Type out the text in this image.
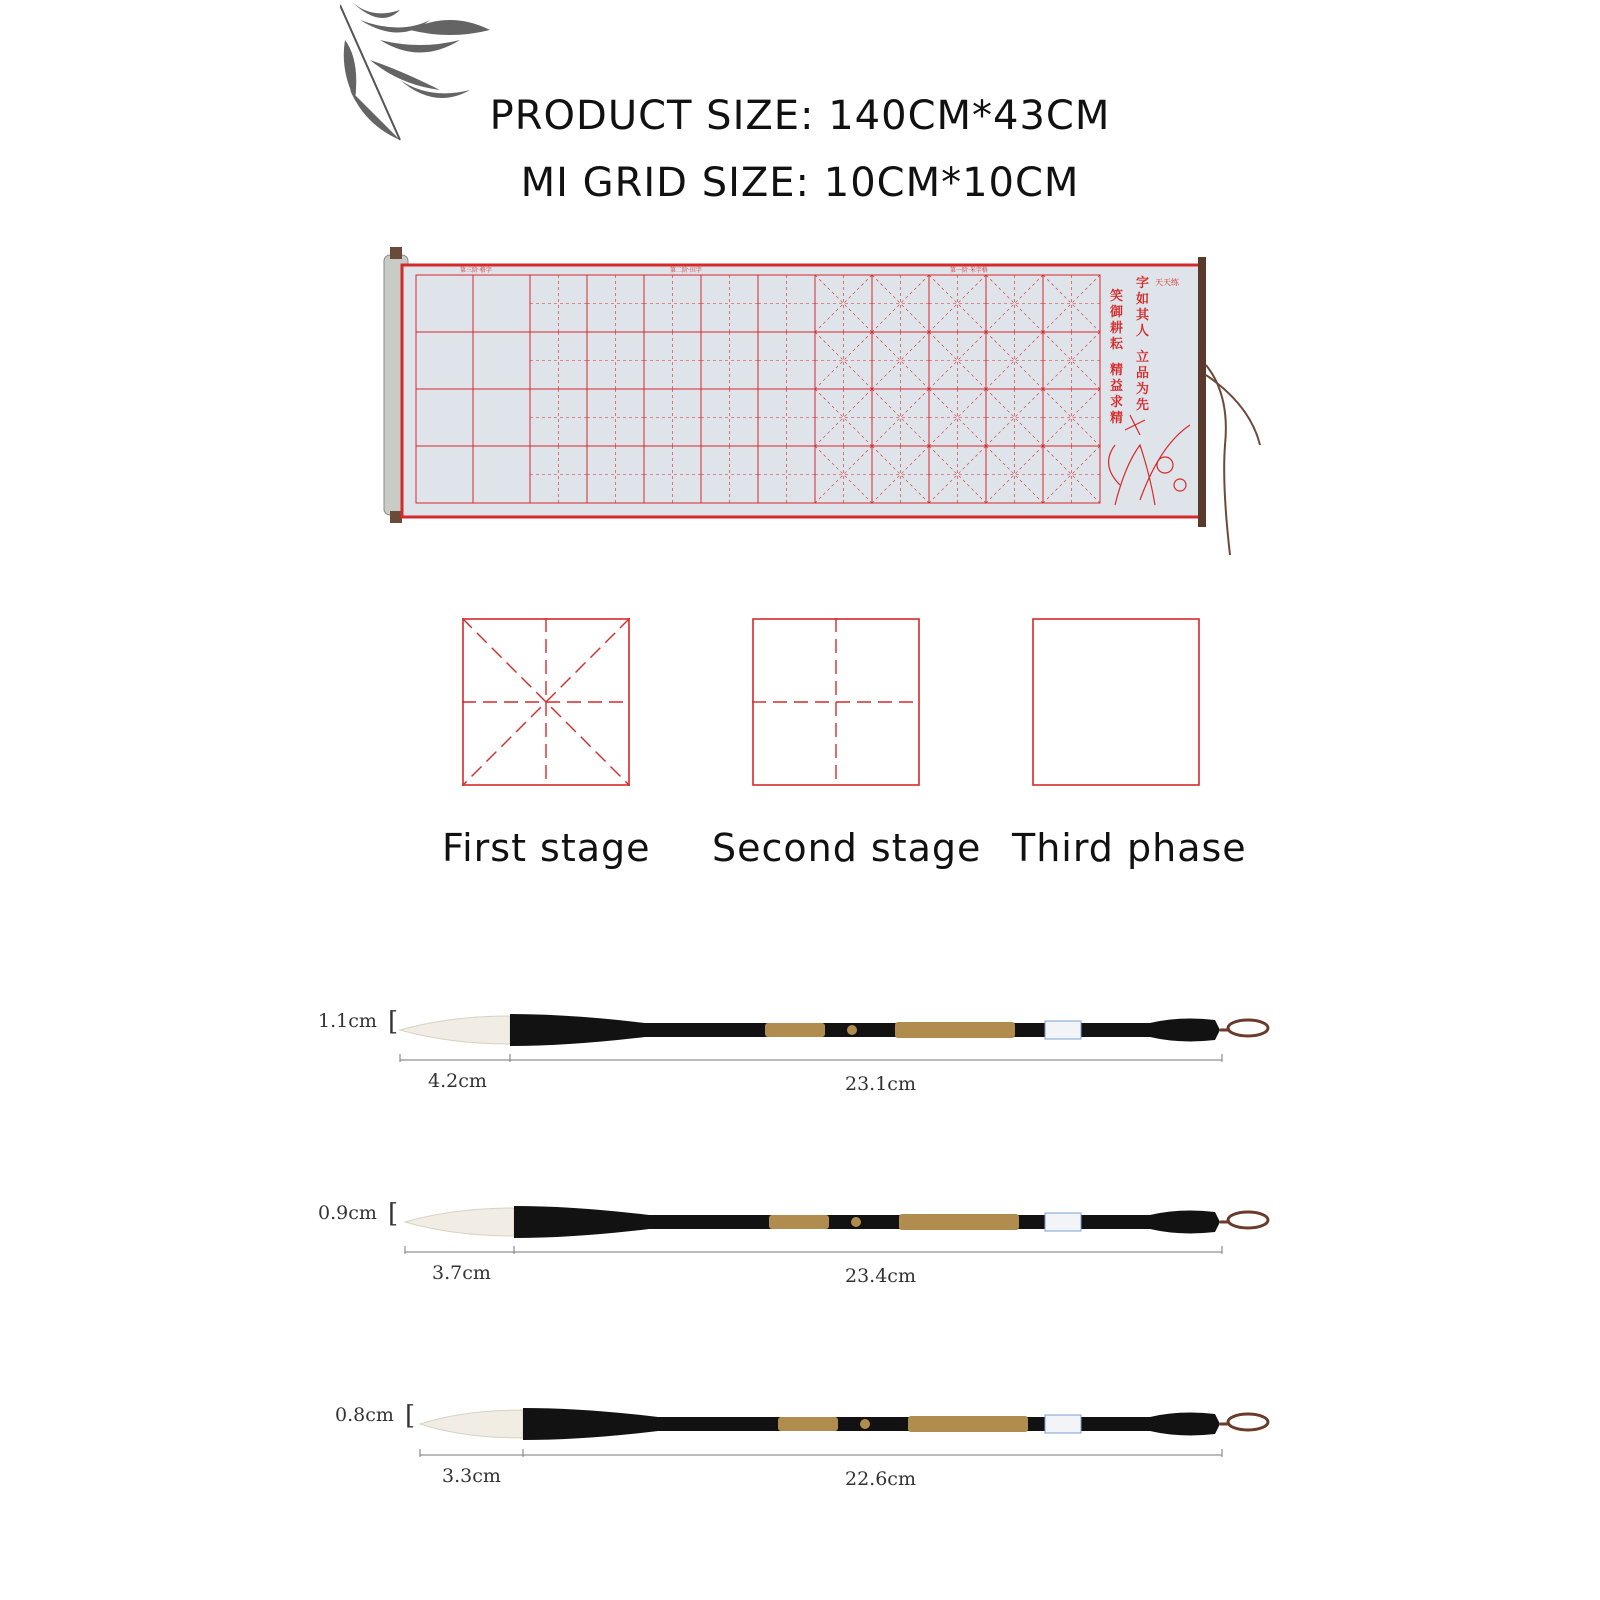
PRODUCT SIZE: 140CM*43CM
MI GRID SIZE: 10CM*10CM
第三阶·格字	第二阶·田字	第一阶·米字格
天天练
字
如
其
人
立
品
为
先
笑
御
耕
耘
精
益
求
精
First stage Second stage Third phase
1.1cm [
4.2cm	23.1cm
0.9cm [
3.7cm	23.4cm
0.8cm [
3.3cm	22.6cm
